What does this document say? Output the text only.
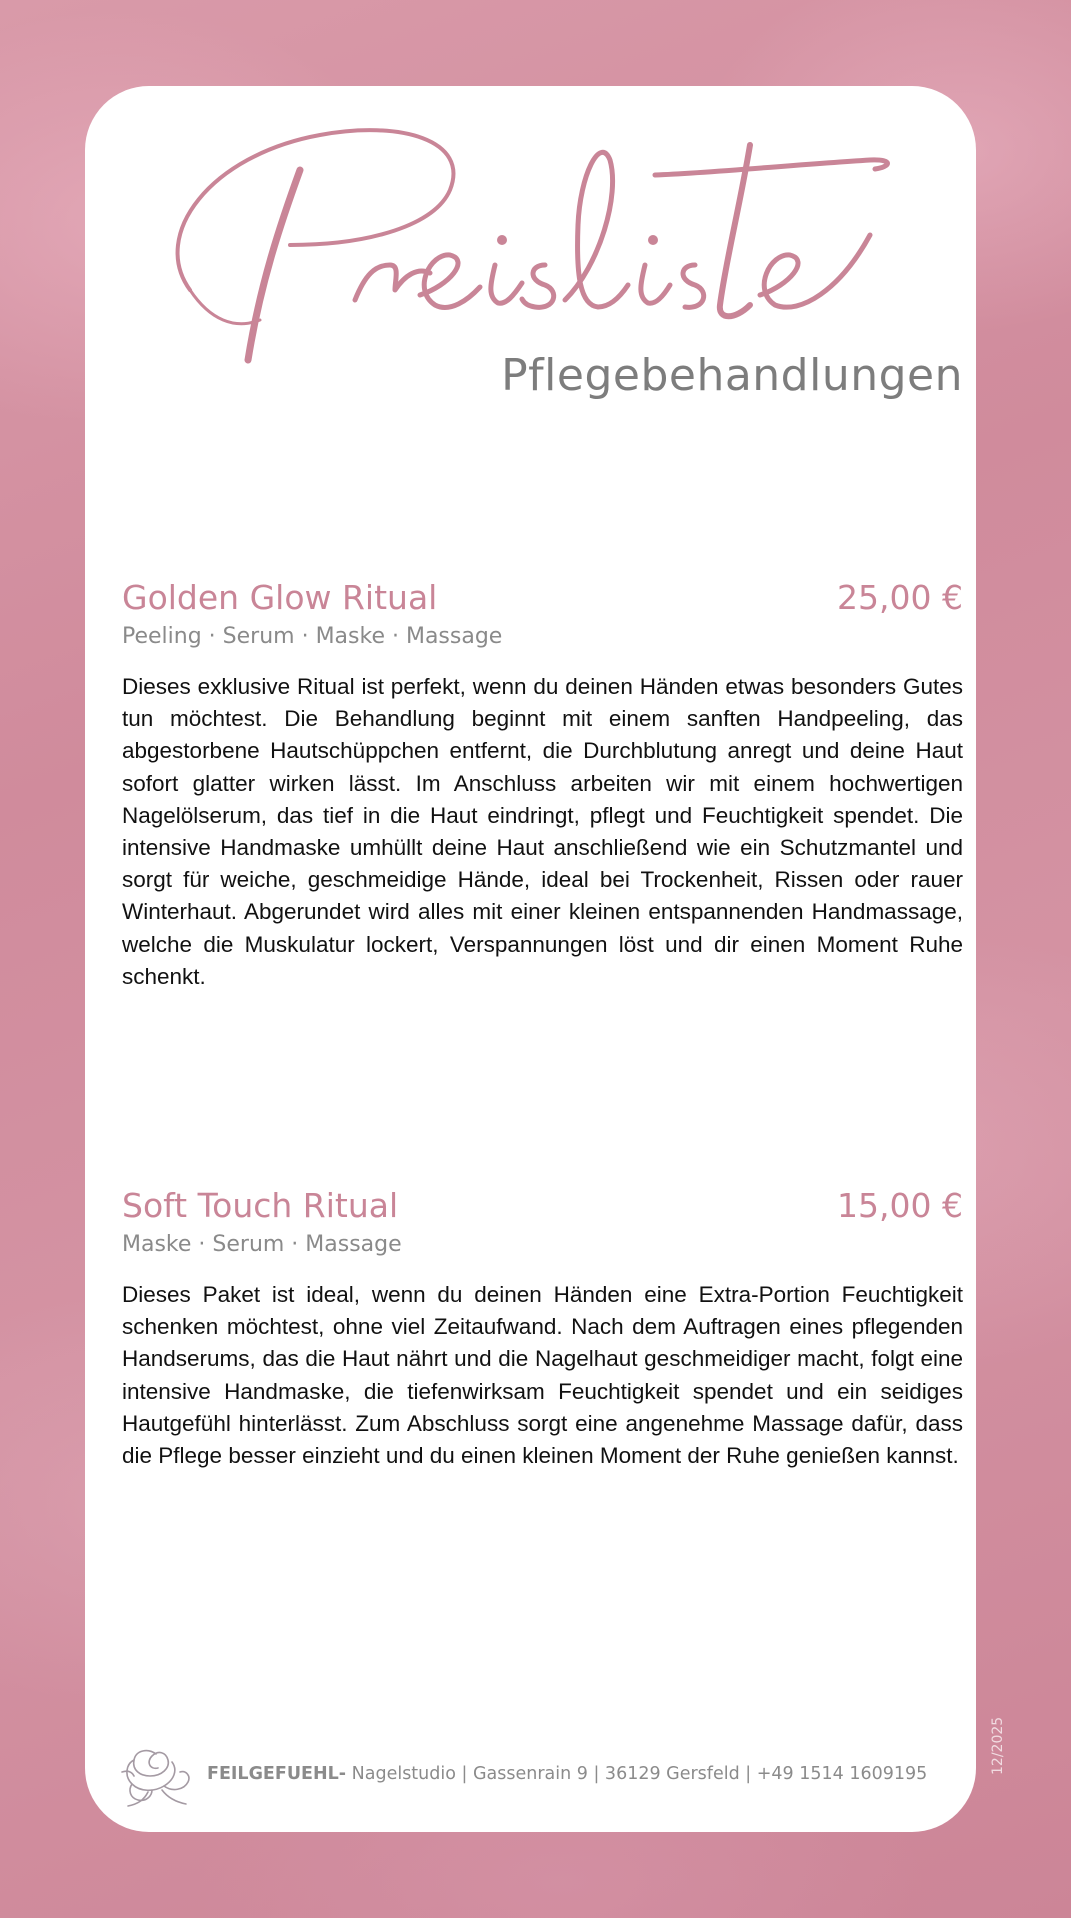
Pflegebehandlungen
Golden Glow Ritual	25,00 €
Peeling · Serum · Maske · Massage
Dieses exklusive Ritual ist perfekt, wenn du deinen Händen etwas besonders Gutes tun möchtest. Die Behandlung beginnt mit einem sanften Handpeeling, das abgestorbene Hautschüppchen entfernt, die Durchblutung anregt und deine Haut sofort glatter wirken lässt. Im Anschluss arbeiten wir mit einem hochwertigen Nagelölserum, das tief in die Haut eindringt, pflegt und Feuchtigkeit spendet. Die intensive Handmaske umhüllt deine Haut anschließend wie ein Schutzmantel und sorgt für weiche, geschmeidige Hände, ideal bei Trockenheit, Rissen oder rauer Winterhaut. Abgerundet wird alles mit einer kleinen entspannenden Handmassage, welche die Muskulatur lockert, Verspannungen löst und dir einen Moment Ruhe schenkt.
Soft Touch Ritual	15,00 €
Maske · Serum · Massage
Dieses Paket ist ideal, wenn du deinen Händen eine Extra-Portion Feuchtigkeit schenken möchtest, ohne viel Zeitaufwand. Nach dem Auftragen eines pflegenden Handserums, das die Haut nährt und die Nagelhaut geschmeidiger macht, folgt eine intensive Handmaske, die tiefenwirksam Feuchtigkeit spendet und ein seidiges Hautgefühl hinterlässt. Zum Abschluss sorgt eine angenehme Massage dafür, dass die Pflege besser einzieht und du einen kleinen Moment der Ruhe genießen kannst.
FEILGEFUEHL- Nagelstudio | Gassenrain 9 | 36129 Gersfeld | +49 1514 1609195	12/2025
